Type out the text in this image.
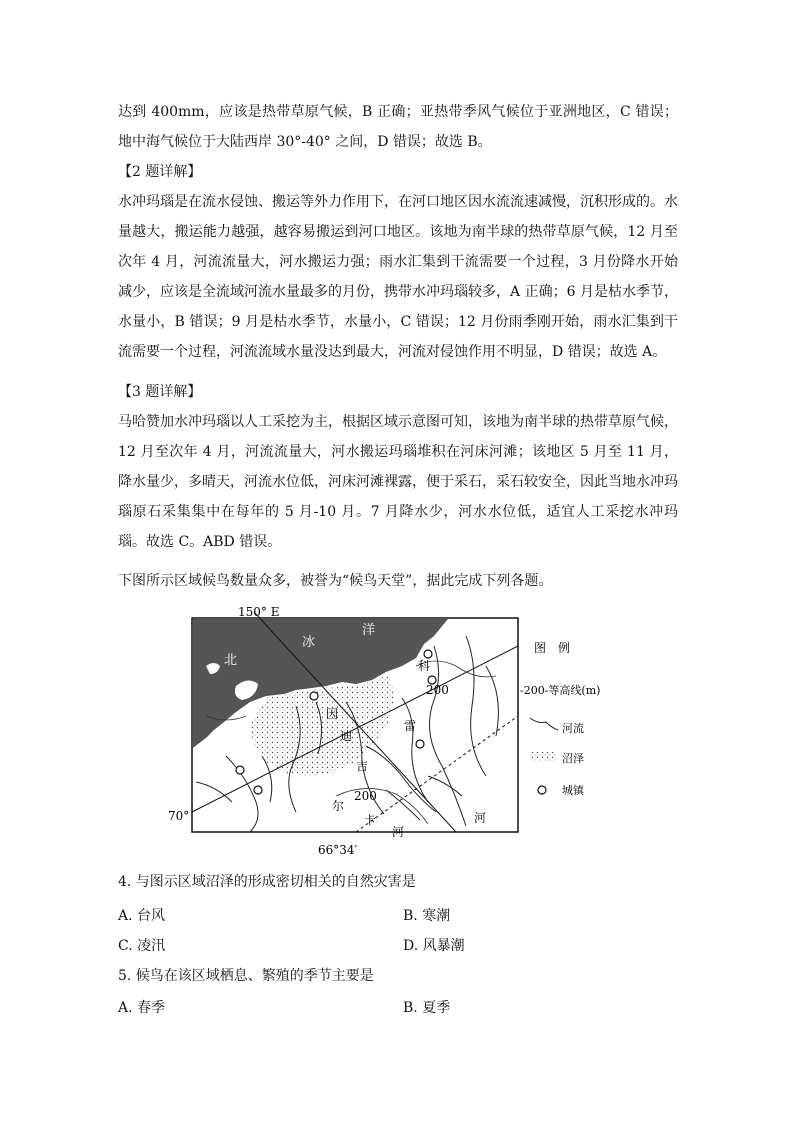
达到 400mm，应该是热带草原气候，B 正确；亚热带季风气候位于亚洲地区，C 错误；地中海气候位于大陆西岸 30°-40° 之间，D 错误；故选 B。

【2 题详解】

水冲玛瑙是在流水侵蚀、搬运等外力作用下，在河口地区因水流流速减慢，沉积形成的。水量越大，搬运能力越强，越容易搬运到河口地区。该地为南半球的热带草原气候，12 月至次年 4 月，河流流量大，河水搬运力强；雨水汇集到干流需要一个过程，3 月份降水开始减少，应该是全流域河流水量最多的月份，携带水冲玛瑙较多，A 正确；6 月是枯水季节，水量小，B 错误；9 月是枯水季节，水量小，C 错误；12 月份雨季刚开始，雨水汇集到干流需要一个过程，河流流域水量没达到最大，河流对侵蚀作用不明显，D 错误；故选 A。

【3 题详解】

马哈赞加水冲玛瑙以人工采挖为主，根据区域示意图可知，该地为南半球的热带草原气候，12 月至次年 4 月，河流流量大，河水搬运玛瑙堆积在河床河滩；该地区 5 月至 11 月，降水量少，多晴天，河流水位低，河床河滩裸露，便于采石，采石较安全，因此当地水冲玛瑙原石采集集中在每年的 5 月-10 月。7 月降水少，河水水位低，适宜人工采挖水冲玛瑙。故选 C。ABD 错误。

下图所示区域候鸟数量众多，被誉为“候鸟天堂”，据此完成下列各题。

150° E
70°
66°34′
北
冰
洋
因
迪
吉
尔
卡
河
科
雷
河
200
200
图　例
-200-等高线(m)
河流
沼泽
城镇
4. 与图示区域沼泽的形成密切相关的自然灾害是
A. 台风	B. 寒潮
C. 凌汛	D. 风暴潮
5. 候鸟在该区域栖息、繁殖的季节主要是
A. 春季	B. 夏季
